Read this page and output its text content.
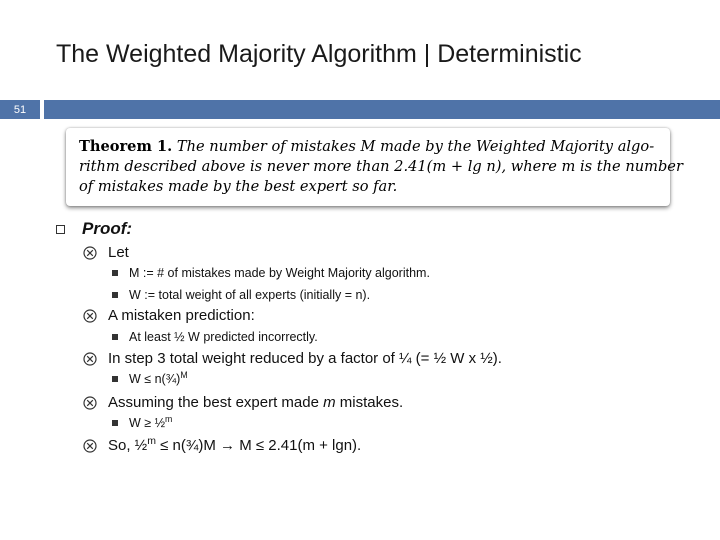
The Weighted Majority Algorithm | Deterministic
51
Theorem 1. The number of mistakes M made by the Weighted Majority algo-
rithm described above is never more than 2.41(m + lg n), where m is the number
of mistakes made by the best expert so far.
Proof:
Let
M := # of mistakes made by Weight Majority algorithm.
W := total weight of all experts (initially = n).
A mistaken prediction:
At least ½ W predicted incorrectly.
In step 3 total weight reduced by a factor of ¼ (= ½ W x ½).
W ≤ n(¾)$^M$
Assuming the best expert made m mistakes.
W ≥ ½$^m$
So, ½$^m$ ≤ n(¾)M → M ≤ 2.41(m + lgn).
